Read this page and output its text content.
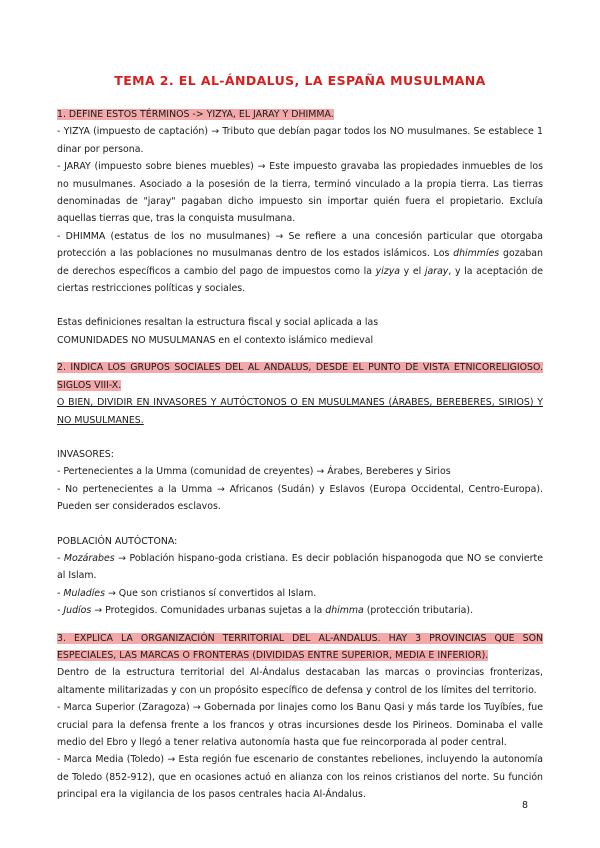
TEMA 2. EL AL-ÁNDALUS, LA ESPAÑA MUSULMANA

1. DEFINE ESTOS TÉRMINOS -> YIZYA, EL JARAY Y DHIMMA.

- YIZYA (impuesto de captación) → Tributo que debían pagar todos los NO musulmanes. Se establece 1 dinar por persona.

- JARAY (impuesto sobre bienes muebles) → Este impuesto gravaba las propiedades inmuebles de los no musulmanes. Asociado a la posesión de la tierra, terminó vinculado a la propia tierra. Las tierras denominadas de "jaray" pagaban dicho impuesto sin importar quién fuera el propietario. Excluía aquellas tierras que, tras la conquista musulmana.

- DHIMMA (estatus de los no musulmanes) → Se refiere a una concesión particular que otorgaba protección a las poblaciones no musulmanas dentro de los estados islámicos. Los dhimmíes gozaban de derechos específicos a cambio del pago de impuestos como la yizya y el jaray, y la aceptación de ciertas restricciones políticas y sociales.

Estas definiciones resaltan la estructura fiscal y social aplicada a las COMUNIDADES NO MUSULMANAS en el contexto islámico medieval

2. INDICA LOS GRUPOS SOCIALES DEL AL ANDALUS, DESDE EL PUNTO DE VISTA ETNICORELIGIOSO. SIGLOS VIII-X.

O BIEN, DIVIDIR EN INVASORES Y AUTÓCTONOS O EN MUSULMANES (ÁRABES, BEREBERES, SIRIOS) Y NO MUSULMANES.

INVASORES:

- Pertenecientes a la Umma (comunidad de creyentes) → Árabes, Bereberes y Sirios

- No pertenecientes a la Umma → Africanos (Sudán) y Eslavos (Europa Occidental, Centro-Europa). Pueden ser considerados esclavos.

POBLACIÓN AUTÓCTONA:

- Mozárabes → Población hispano-goda cristiana. Es decir población hispanogoda que NO se convierte al Islam.

- Muladíes → Que son cristianos sí convertidos al Islam.

- Judíos → Protegidos. Comunidades urbanas sujetas a la dhimma (protección tributaria).

3. EXPLICA LA ORGANIZACIÓN TERRITORIAL DEL AL-ANDALUS. HAY 3 PROVINCIAS QUE SON ESPECIALES, LAS MARCAS O FRONTERAS (DIVIDIDAS ENTRE SUPERIOR, MEDIA E INFERIOR).

Dentro de la estructura territorial del Al-Ándalus destacaban las marcas o provincias fronterizas, altamente militarizadas y con un propósito específico de defensa y control de los límites del territorio.

- Marca Superior (Zaragoza) → Gobernada por linajes como los Banu Qasi y más tarde los Tuyíbíes, fue crucial para la defensa frente a los francos y otras incursiones desde los Pirineos. Dominaba el valle medio del Ebro y llegó a tener relativa autonomía hasta que fue reincorporada al poder central.

- Marca Media (Toledo) → Esta región fue escenario de constantes rebeliones, incluyendo la autonomía de Toledo (852-912), que en ocasiones actuó en alianza con los reinos cristianos del norte. Su función principal era la vigilancia de los pasos centrales hacia Al-Ándalus.

8
